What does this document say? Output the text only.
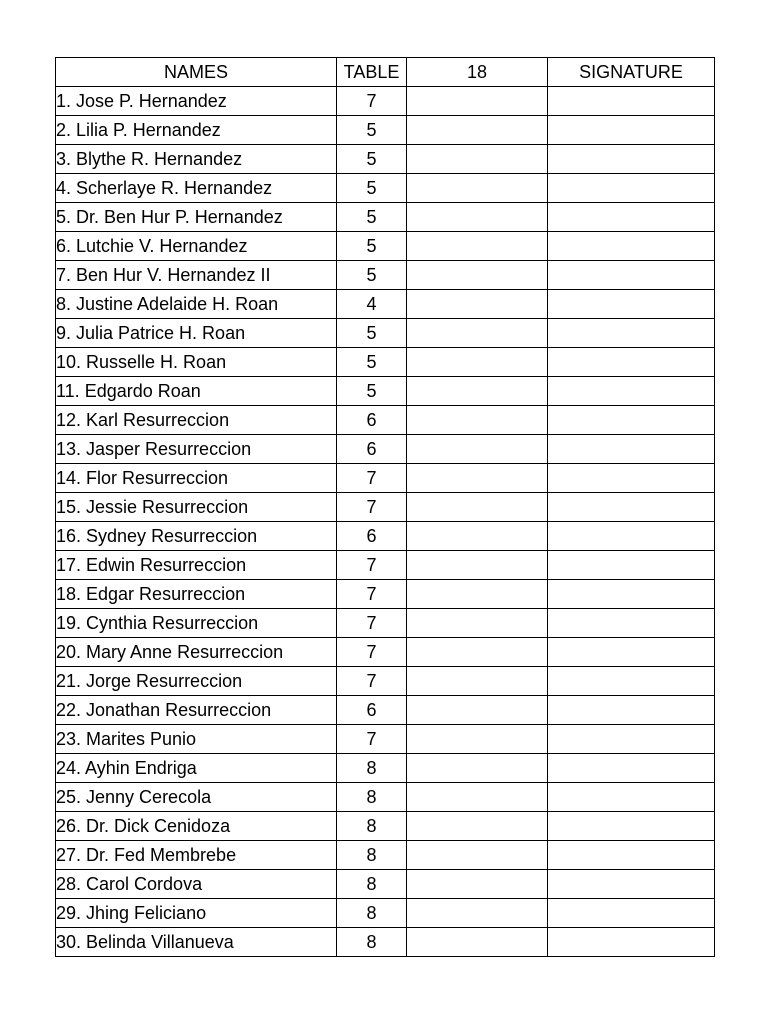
NAMES	TABLE	18	SIGNATURE
1. Jose P. Hernandez	7		
2. Lilia P. Hernandez	5		
3. Blythe R. Hernandez	5		
4. Scherlaye R. Hernandez	5		
5. Dr. Ben Hur P. Hernandez	5		
6. Lutchie V. Hernandez	5		
7. Ben Hur V. Hernandez II	5		
8. Justine Adelaide H. Roan	4		
9. Julia Patrice H. Roan	5		
10. Russelle H. Roan	5		
11. Edgardo Roan	5		
12. Karl Resurreccion	6		
13. Jasper Resurreccion	6		
14. Flor Resurreccion	7		
15. Jessie Resurreccion	7		
16. Sydney Resurreccion	6		
17. Edwin Resurreccion	7		
18. Edgar Resurreccion	7		
19. Cynthia Resurreccion	7		
20. Mary Anne Resurreccion	7		
21. Jorge Resurreccion	7		
22. Jonathan Resurreccion	6		
23. Marites Punio	7		
24. Ayhin Endriga	8		
25. Jenny Cerecola	8		
26. Dr. Dick Cenidoza	8		
27. Dr. Fed Membrebe	8		
28. Carol Cordova	8		
29. Jhing Feliciano	8		
30. Belinda Villanueva	8		
